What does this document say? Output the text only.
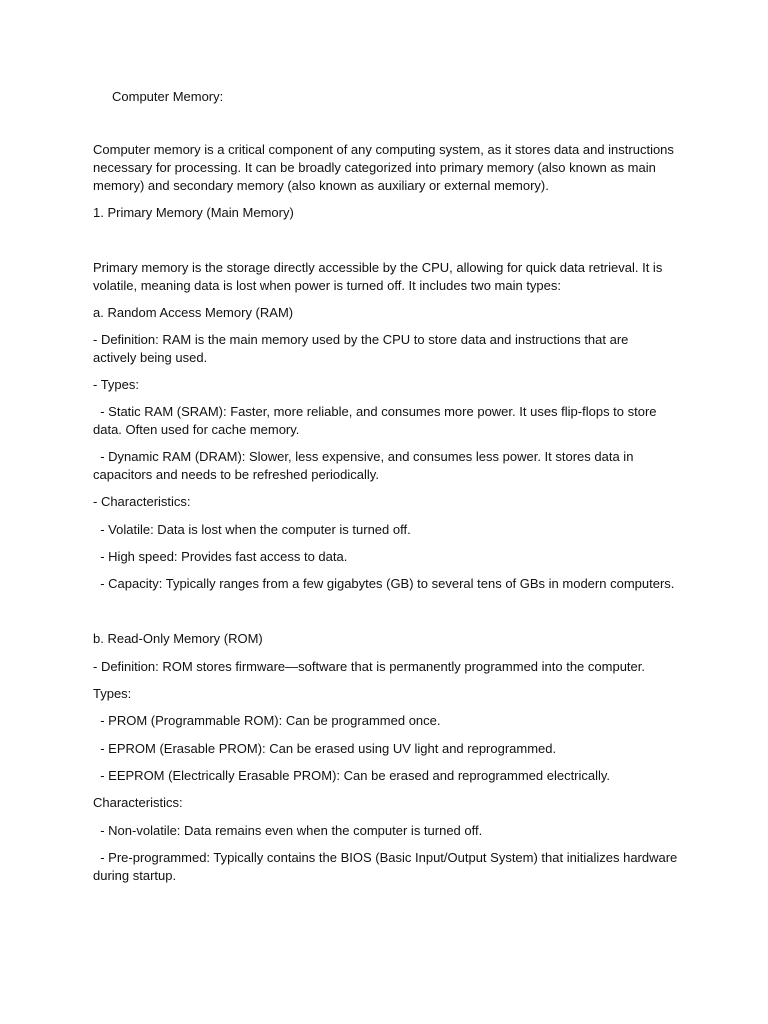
Computer Memory:
Computer memory is a critical component of any computing system, as it stores data and instructions
necessary for processing. It can be broadly categorized into primary memory (also known as main
memory) and secondary memory (also known as auxiliary or external memory).
1. Primary Memory (Main Memory)
Primary memory is the storage directly accessible by the CPU, allowing for quick data retrieval. It is
volatile, meaning data is lost when power is turned off. It includes two main types:
a. Random Access Memory (RAM)
- Definition: RAM is the main memory used by the CPU to store data and instructions that are
actively being used.
- Types:
- Static RAM (SRAM): Faster, more reliable, and consumes more power. It uses flip-flops to store
data. Often used for cache memory.
- Dynamic RAM (DRAM): Slower, less expensive, and consumes less power. It stores data in
capacitors and needs to be refreshed periodically.
- Characteristics:
- Volatile: Data is lost when the computer is turned off.
- High speed: Provides fast access to data.
- Capacity: Typically ranges from a few gigabytes (GB) to several tens of GBs in modern computers.
b. Read-Only Memory (ROM)
- Definition: ROM stores firmware—software that is permanently programmed into the computer.
Types:
- PROM (Programmable ROM): Can be programmed once.
- EPROM (Erasable PROM): Can be erased using UV light and reprogrammed.
- EEPROM (Electrically Erasable PROM): Can be erased and reprogrammed electrically.
Characteristics:
- Non-volatile: Data remains even when the computer is turned off.
- Pre-programmed: Typically contains the BIOS (Basic Input/Output System) that initializes hardware
during startup.
